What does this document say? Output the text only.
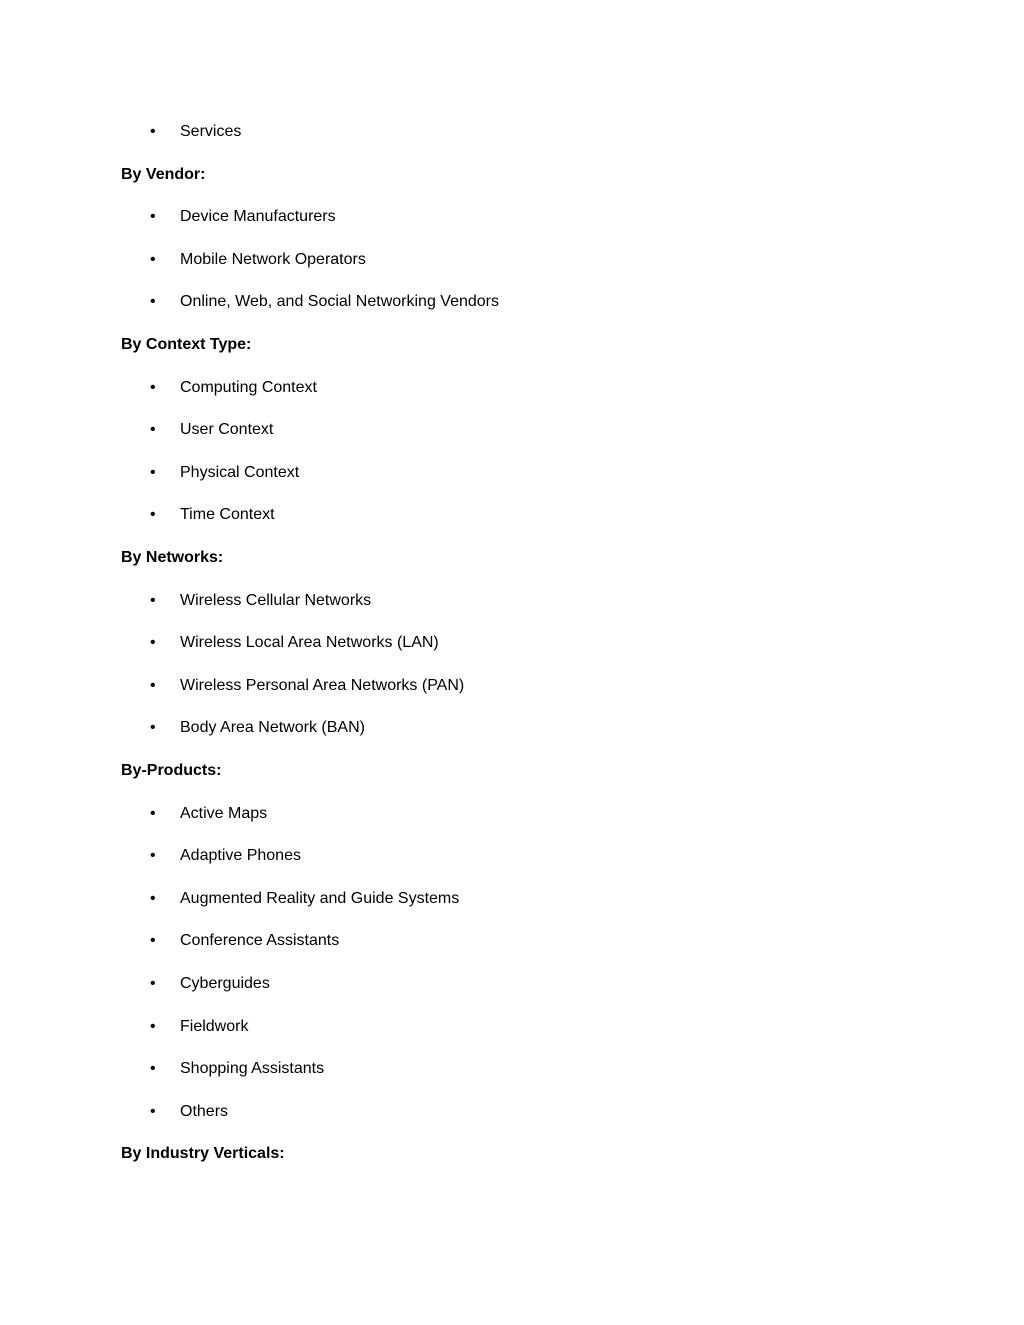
• Services
By Vendor:
• Device Manufacturers
• Mobile Network Operators
• Online, Web, and Social Networking Vendors
By Context Type:
• Computing Context
• User Context
• Physical Context
• Time Context
By Networks:
• Wireless Cellular Networks
• Wireless Local Area Networks (LAN)
• Wireless Personal Area Networks (PAN)
• Body Area Network (BAN)
By-Products:
• Active Maps
• Adaptive Phones
• Augmented Reality and Guide Systems
• Conference Assistants
• Cyberguides
• Fieldwork
• Shopping Assistants
• Others
By Industry Verticals:
